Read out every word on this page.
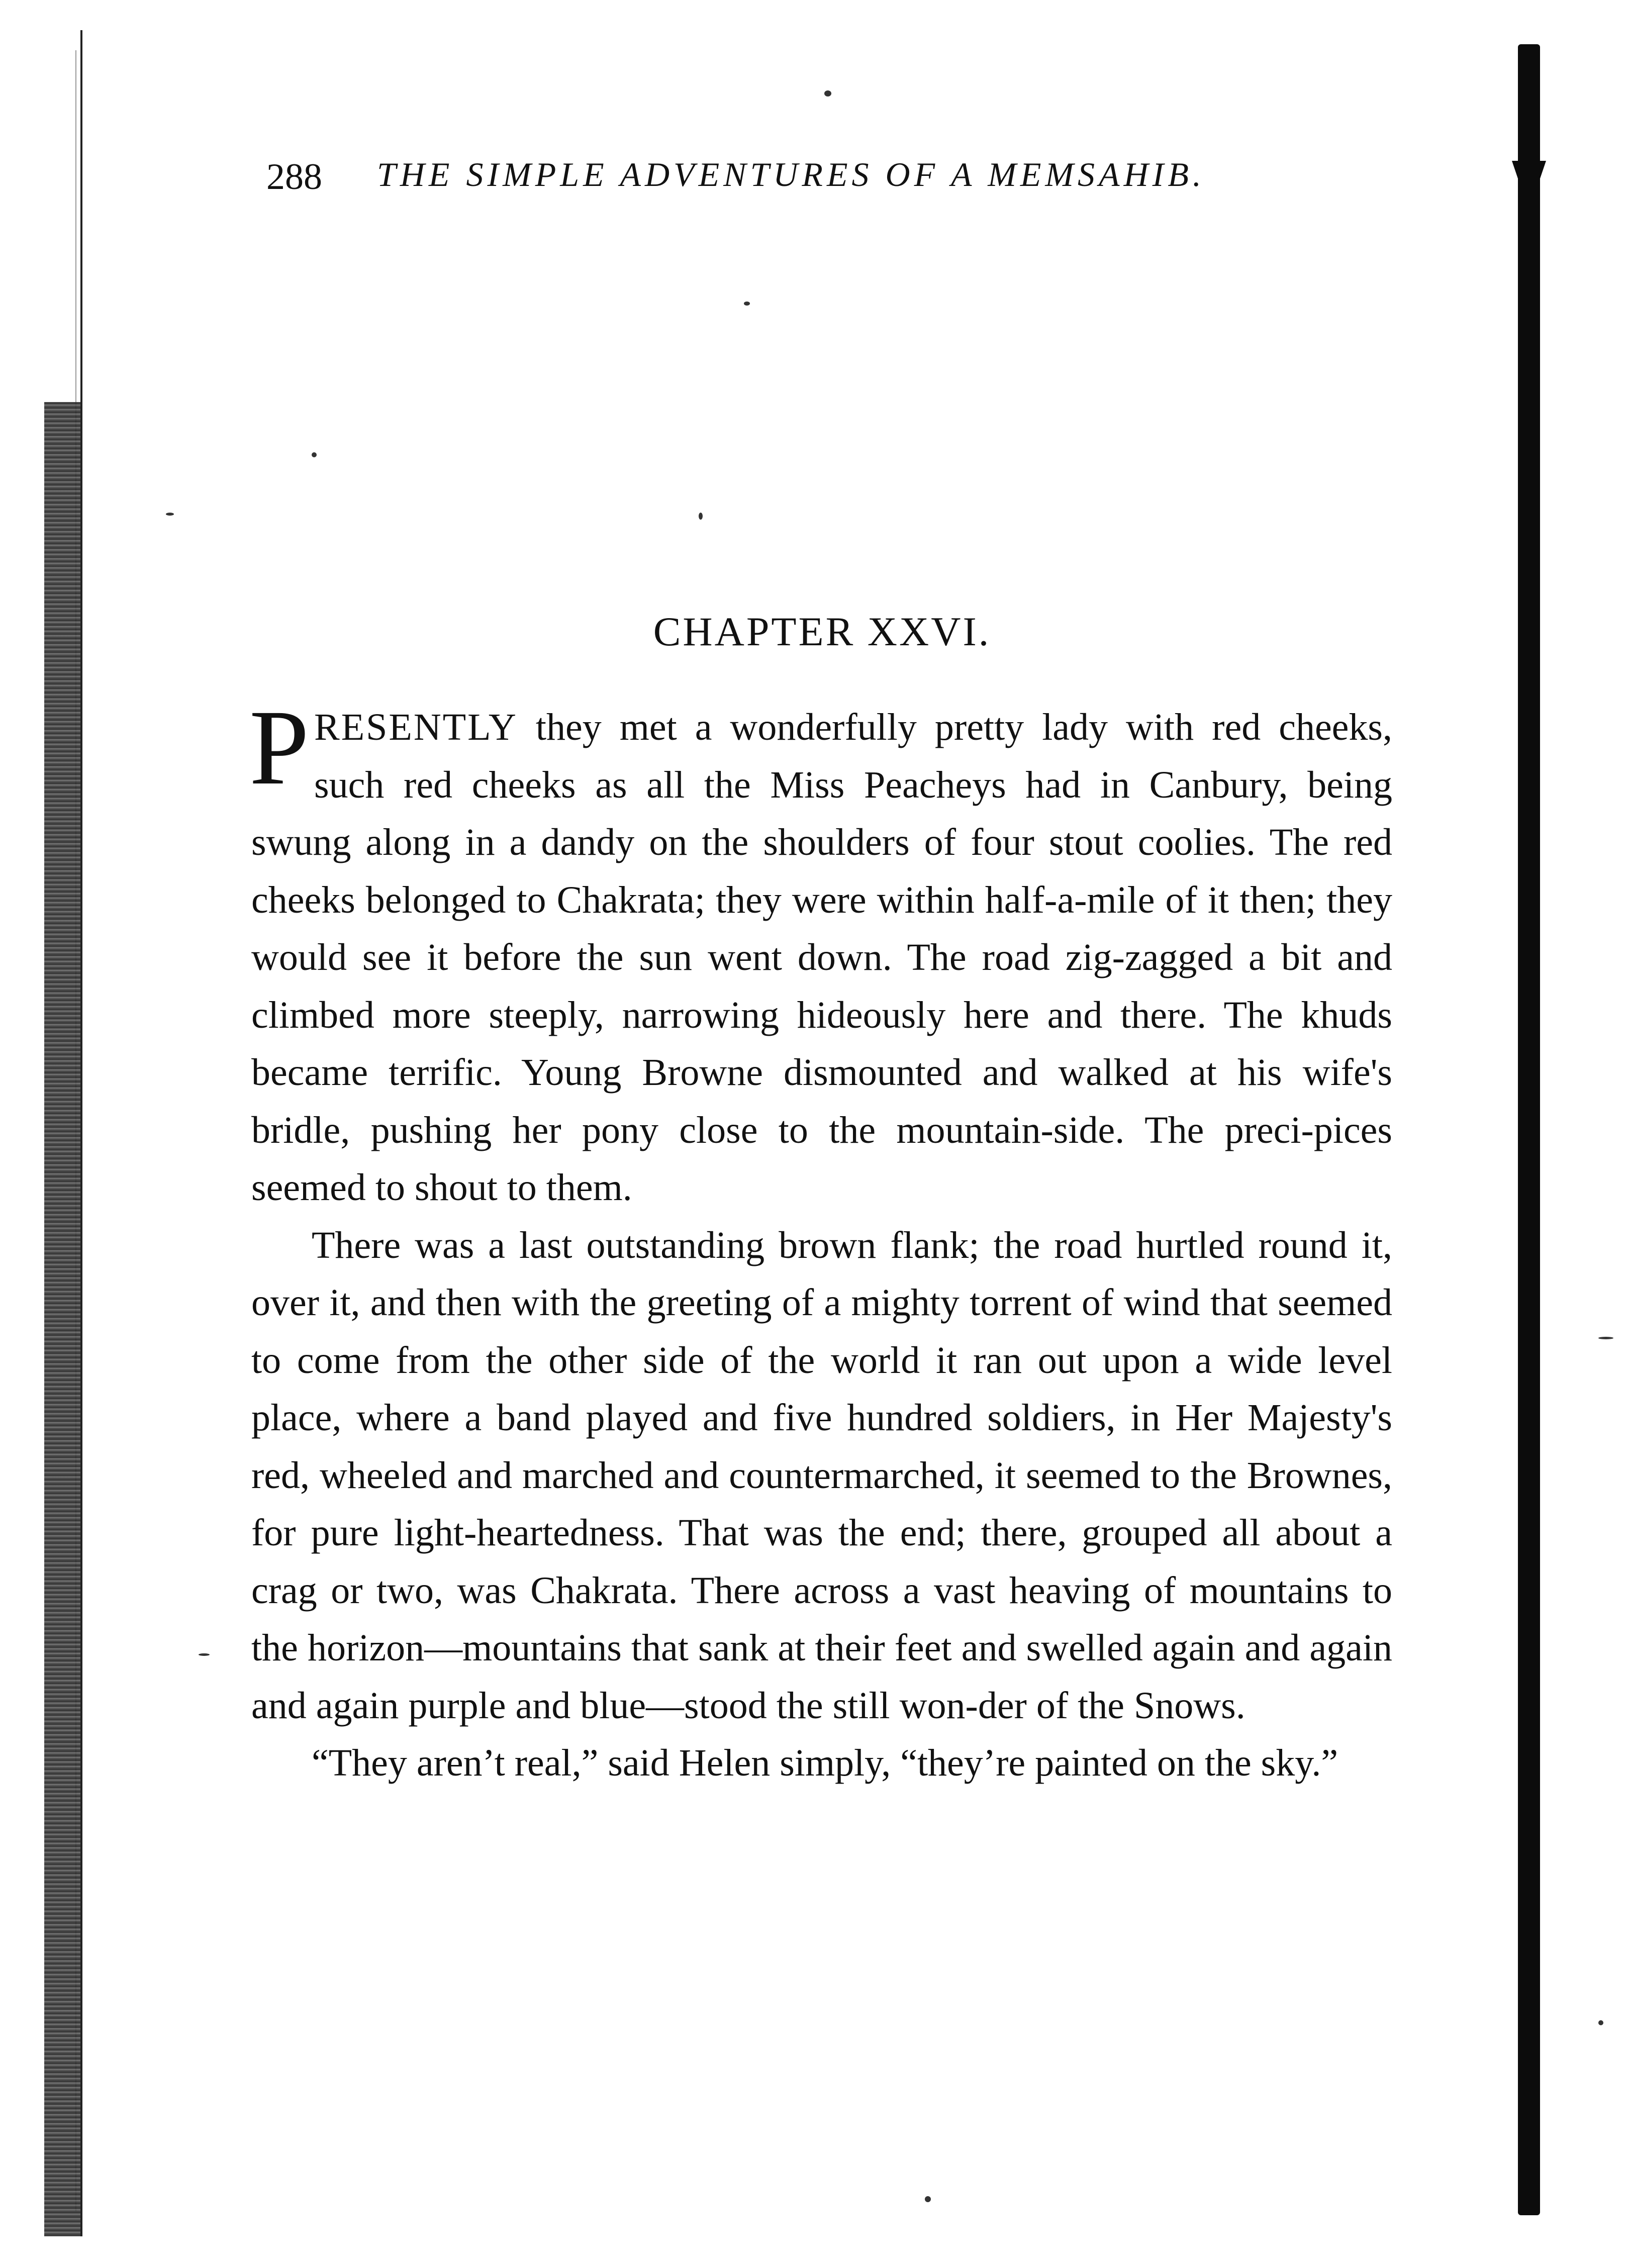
288 THE SIMPLE ADVENTURES OF A MEMSAHIB.
CHAPTER XXVI.

PRESENTLY they met a wonderfully pretty lady with red cheeks, such red cheeks as all the Miss Peacheys had in Canbury, being swung along in a dandy on the shoulders of four stout coolies. The red cheeks belonged to Chakrata; they were within half-a-mile of it then; they would see it before the sun went down. The road zig-zagged a bit and climbed more steeply, narrowing hideously here and there. The khuds became terrific. Young Browne dismounted and walked at his wife's bridle, pushing her pony close to the mountain-side. The preci-pices seemed to shout to them.

There was a last outstanding brown flank; the road hurtled round it, over it, and then with the greeting of a mighty torrent of wind that seemed to come from the other side of the world it ran out upon a wide level place, where a band played and five hundred soldiers, in Her Majesty's red, wheeled and marched and countermarched, it seemed to the Brownes, for pure light-heartedness. That was the end; there, grouped all about a crag or two, was Chakrata. There across a vast heaving of mountains to the horizon—mountains that sank at their feet and swelled again and again and again purple and blue—stood the still won-der of the Snows.

“They aren’t real,” said Helen simply, “they’re painted on the sky.”
